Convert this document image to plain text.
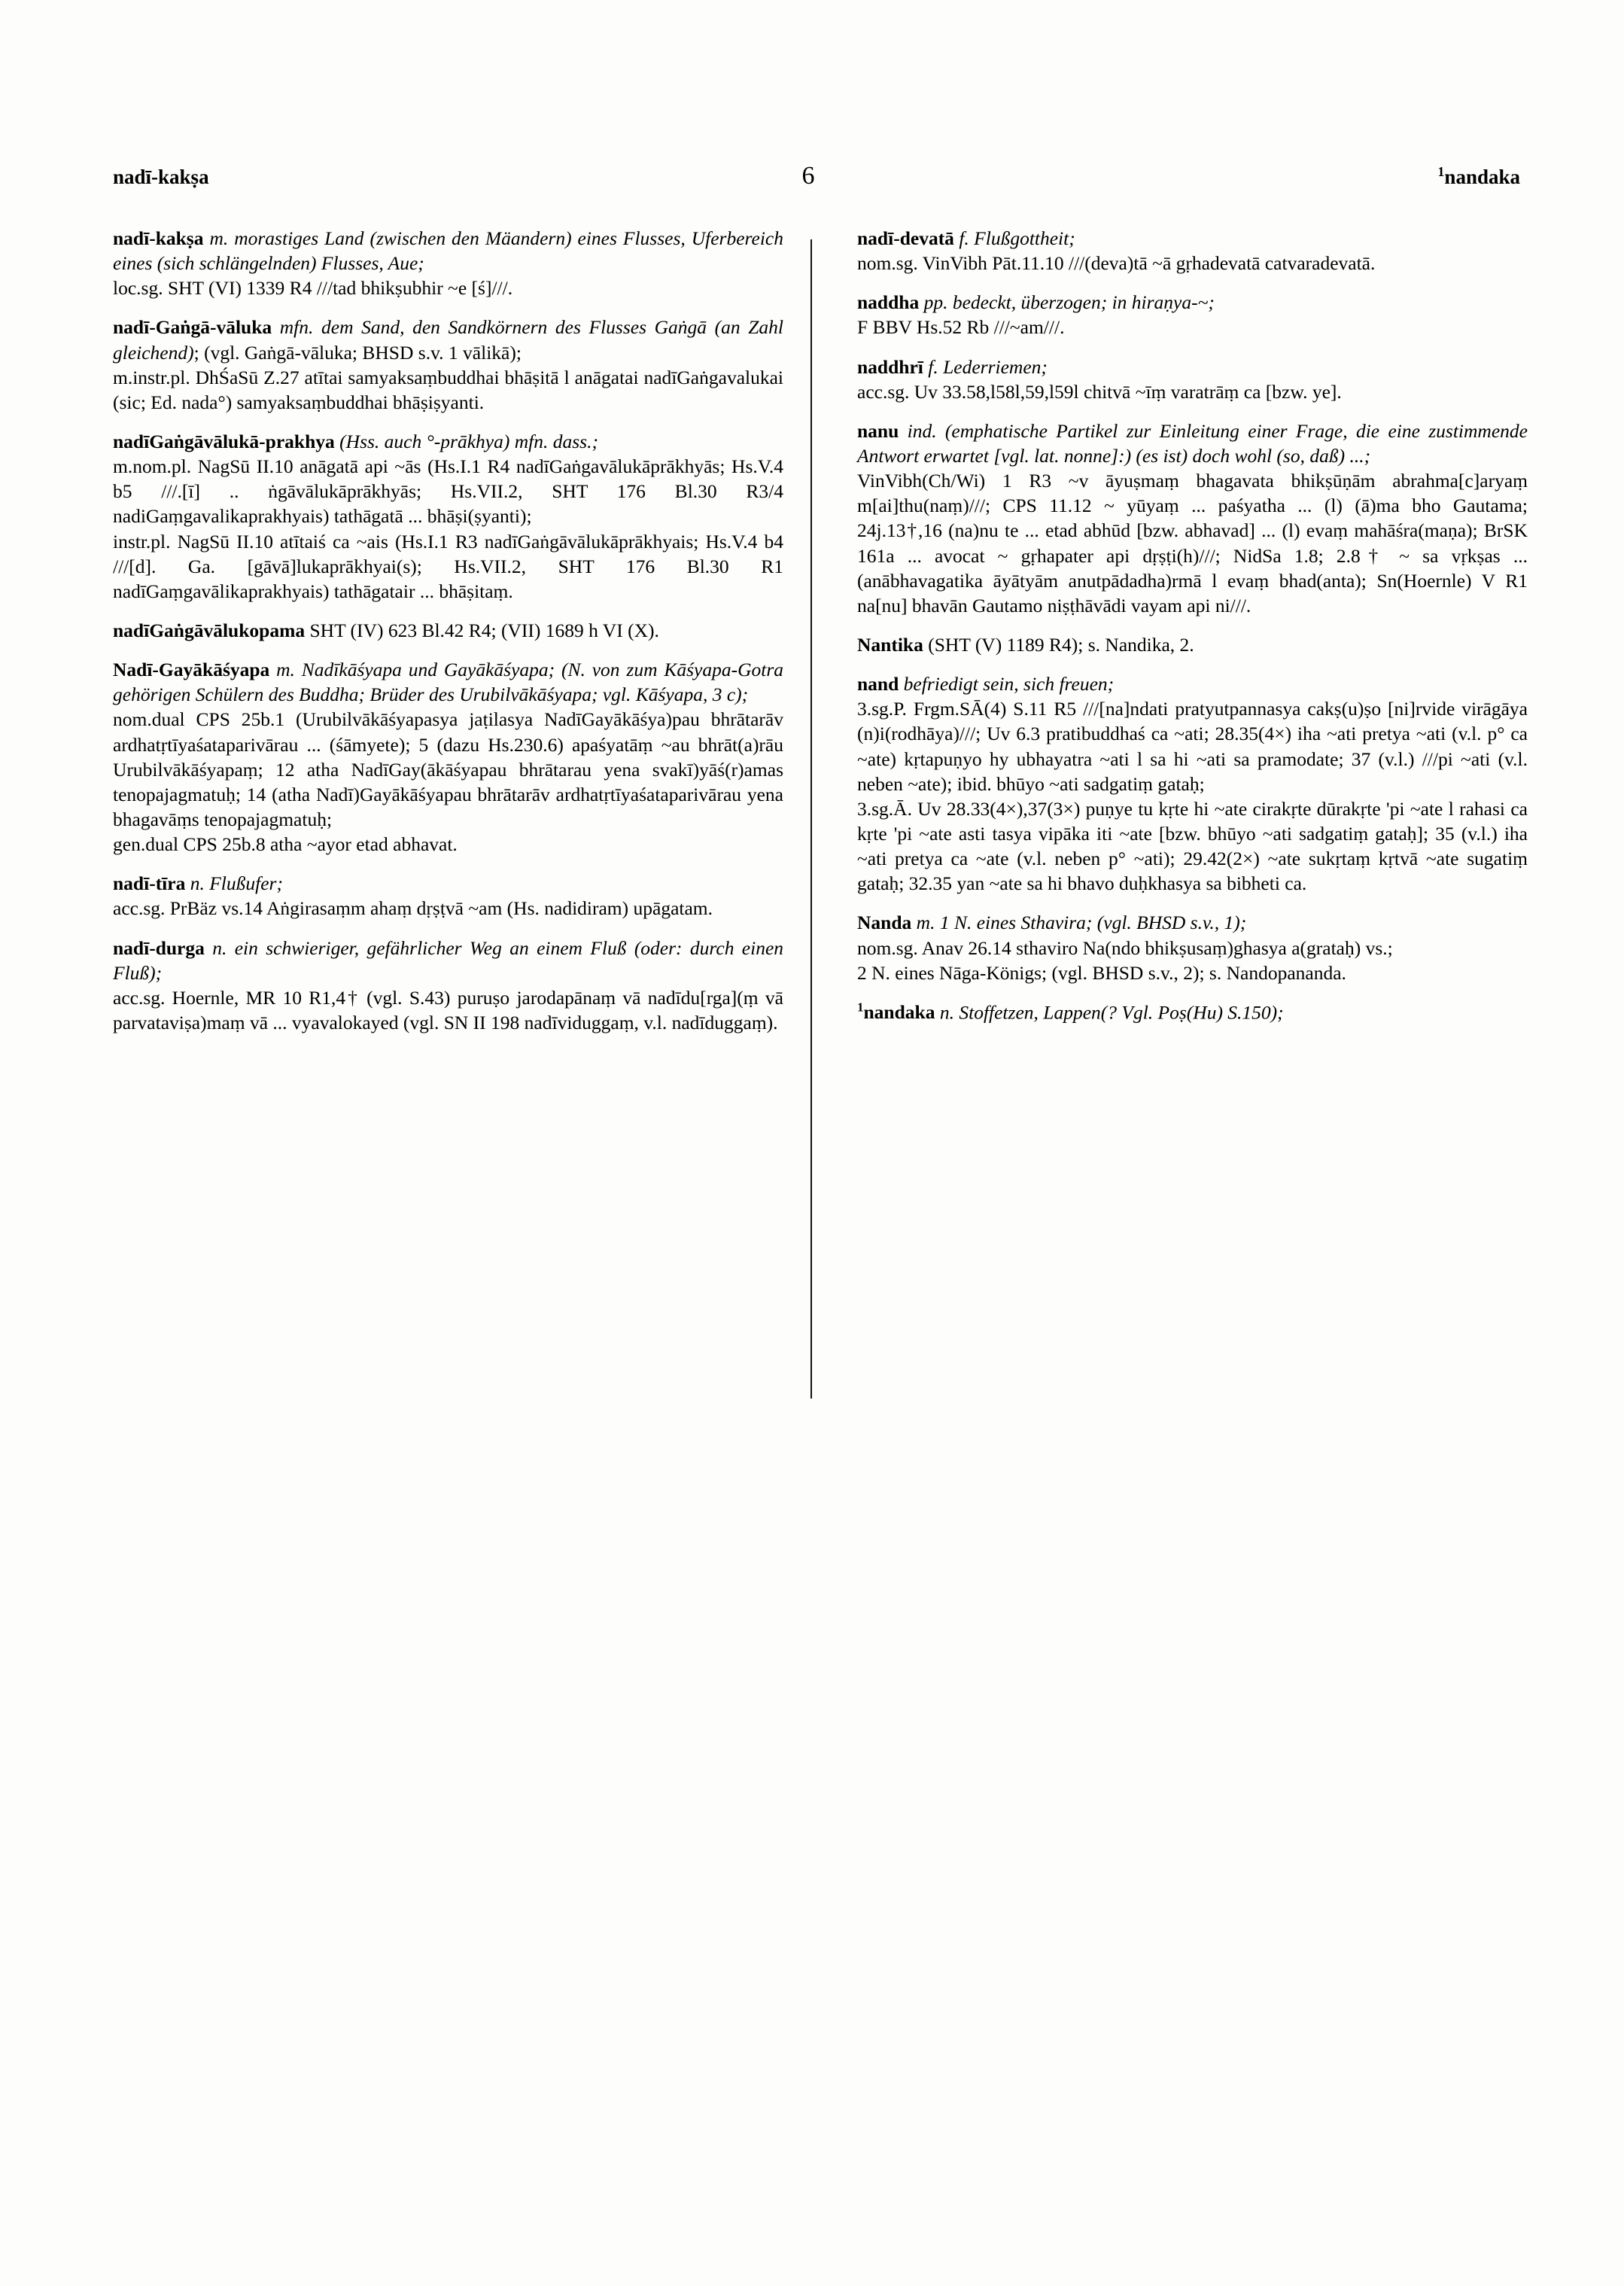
nadī-kakṣa	6	$^1$nandaka

nadī-kakṣa m. morastiges Land (zwischen den Mäandern) eines Flusses, Uferbereich eines (sich schlängelnden) Flusses, Aue;

loc.sg. SHT (VI) 1339 R4 ///tad bhikṣubhir ~e [ś]///.

nadī-Gaṅgā-vāluka mfn. dem Sand, den Sandkörnern des Flusses Gaṅgā (an Zahl gleichend); (vgl. Gaṅgā-vāluka; BHSD s.v. 1 vālikā);

m.instr.pl. DhŚaSū Z.27 atītai samyaksaṃbuddhai bhāṣitā l anāgatai nadīGaṅgavalukai (sic; Ed. nada°) samyaksaṃbuddhai bhāṣiṣyanti.

nadīGaṅgāvālukā-prakhya (Hss. auch °-prākhya) mfn. dass.;

m.nom.pl. NagSū II.10 anāgatā api ~ās (Hs.I.1 R4 nadīGaṅgavālukāprākhyās; Hs.V.4 b5 ///.[ī] .. ṅgāvālukāprākhyās; Hs.VII.2, SHT 176 Bl.30 R3/4 nadiGaṃgavalikaprakhyais) tathāgatā ... bhāṣi(ṣyanti);

instr.pl. NagSū II.10 atītaiś ca ~ais (Hs.I.1 R3 nadīGaṅgāvālukāprākhyais; Hs.V.4 b4 ///[d]. Ga. [gāvā]lukaprākhyai(s); Hs.VII.2, SHT 176 Bl.30 R1 nadīGaṃgavālikaprakhyais) tathāgatair ... bhāṣitaṃ.

nadīGaṅgāvālukopama SHT (IV) 623 Bl.42 R4; (VII) 1689 h VI (X).

Nadī-Gayākāśyapa m. Nadīkāśyapa und Gayākāśyapa; (N. von zum Kāśyapa-Gotra gehörigen Schülern des Buddha; Brüder des Urubilvākāśyapa; vgl. Kāśyapa, 3 c);

nom.dual CPS 25b.1 (Urubilvākāśyapasya jaṭilasya NadīGayākāśya)pau bhrātarāv ardhatṛtīyaśataparivārau ... (śāmyete); 5 (dazu Hs.230.6) apaśyatāṃ ~au bhrāt(a)rāu Urubilvākāśyapaṃ; 12 atha NadīGay(ākāśyapau bhrātarau yena svakī)yāś(r)amas tenopajagmatuḥ; 14 (atha Nadī)Gayākāśyapau bhrātarāv ardhatṛtīyaśataparivārau yena bhagavāṃs tenopajagmatuḥ;

gen.dual CPS 25b.8 atha ~ayor etad abhavat.

nadī-tīra n. Flußufer;

acc.sg. PrBäz vs.14 Aṅgirasaṃm ahaṃ dṛṣṭvā ~am (Hs. nadidiram) upāgatam.

nadī-durga n. ein schwieriger, gefährlicher Weg an einem Fluß (oder: durch einen Fluß);

acc.sg. Hoernle, MR 10 R1,4† (vgl. S.43) puruṣo jarodapānaṃ vā nadīdu[rga](ṃ vā parvataviṣa)maṃ vā ... vyavalokayed (vgl. SN II 198 nadīviduggaṃ, v.l. nadīduggaṃ).

nadī-devatā f. Flußgottheit;

nom.sg. VinVibh Pāt.11.10 ///(deva)tā ~ā gṛhadevatā catvaradevatā.

naddha pp. bedeckt, überzogen; in hiraṇya-~;

F BBV Hs.52 Rb ///~am///.

naddhrī f. Lederriemen;

acc.sg. Uv 33.58,l58l,59,l59l chitvā ~īṃ varatrāṃ ca [bzw. ye].

nanu ind. (emphatische Partikel zur Einleitung einer Frage, die eine zustimmende Antwort erwartet [vgl. lat. nonne]:) (es ist) doch wohl (so, daß) ...;

VinVibh(Ch/Wi) 1 R3 ~v āyuṣmaṃ bhagavata bhikṣūṇām abrahma[c]aryaṃ m[ai]thu(naṃ)///; CPS 11.12 ~ yūyaṃ ... paśyatha ... (l) (ā)ma bho Gautama; 24j.13†,16 (na)nu te ... etad abhūd [bzw. abhavad] ... (l) evaṃ mahāśra(maṇa); BrSK 161a ... avocat ~ gṛhapater api dṛṣṭi(h)///; NidSa 1.8; 2.8† ~ sa vṛkṣas ... (anābhavagatika āyātyām anutpādadha)rmā l evaṃ bhad(anta); Sn(Hoernle) V R1 na[nu] bhavān Gautamo niṣṭhāvādi vayam api ni///.

Nantika (SHT (V) 1189 R4); s. Nandika, 2.

nand befriedigt sein, sich freuen;

3.sg.P. Frgm.SĀ(4) S.11 R5 ///[na]ndati pratyutpannasya cakṣ(u)ṣo [ni]rvide virāgāya (n)i(rodhāya)///; Uv 6.3 pratibuddhaś ca ~ati; 28.35(4×) iha ~ati pretya ~ati (v.l. p° ca ~ate) kṛtapuṇyo hy ubhayatra ~ati l sa hi ~ati sa pramodate; 37 (v.l.) ///pi ~ati (v.l. neben ~ate); ibid. bhūyo ~ati sadgatiṃ gataḥ;

3.sg.Ā. Uv 28.33(4×),37(3×) puṇye tu kṛte hi ~ate cirakṛte dūrakṛte 'pi ~ate l rahasi ca kṛte 'pi ~ate asti tasya vipāka iti ~ate [bzw. bhūyo ~ati sadgatiṃ gataḥ]; 35 (v.l.) iha ~ati pretya ca ~ate (v.l. neben p° ~ati); 29.42(2×) ~ate sukṛtaṃ kṛtvā ~ate sugatiṃ gataḥ; 32.35 yan ~ate sa hi bhavo duḥkhasya sa bibheti ca.

Nanda m. 1 N. eines Sthavira; (vgl. BHSD s.v., 1);

nom.sg. Anav 26.14 sthaviro Na(ndo bhikṣusaṃ)ghasya a(grataḥ) vs.;

2 N. eines Nāga-Königs; (vgl. BHSD s.v., 2); s. Nandopananda.

$^1$nandaka n. Stoffetzen, Lappen(? Vgl. Poṣ(Hu) S.150);
